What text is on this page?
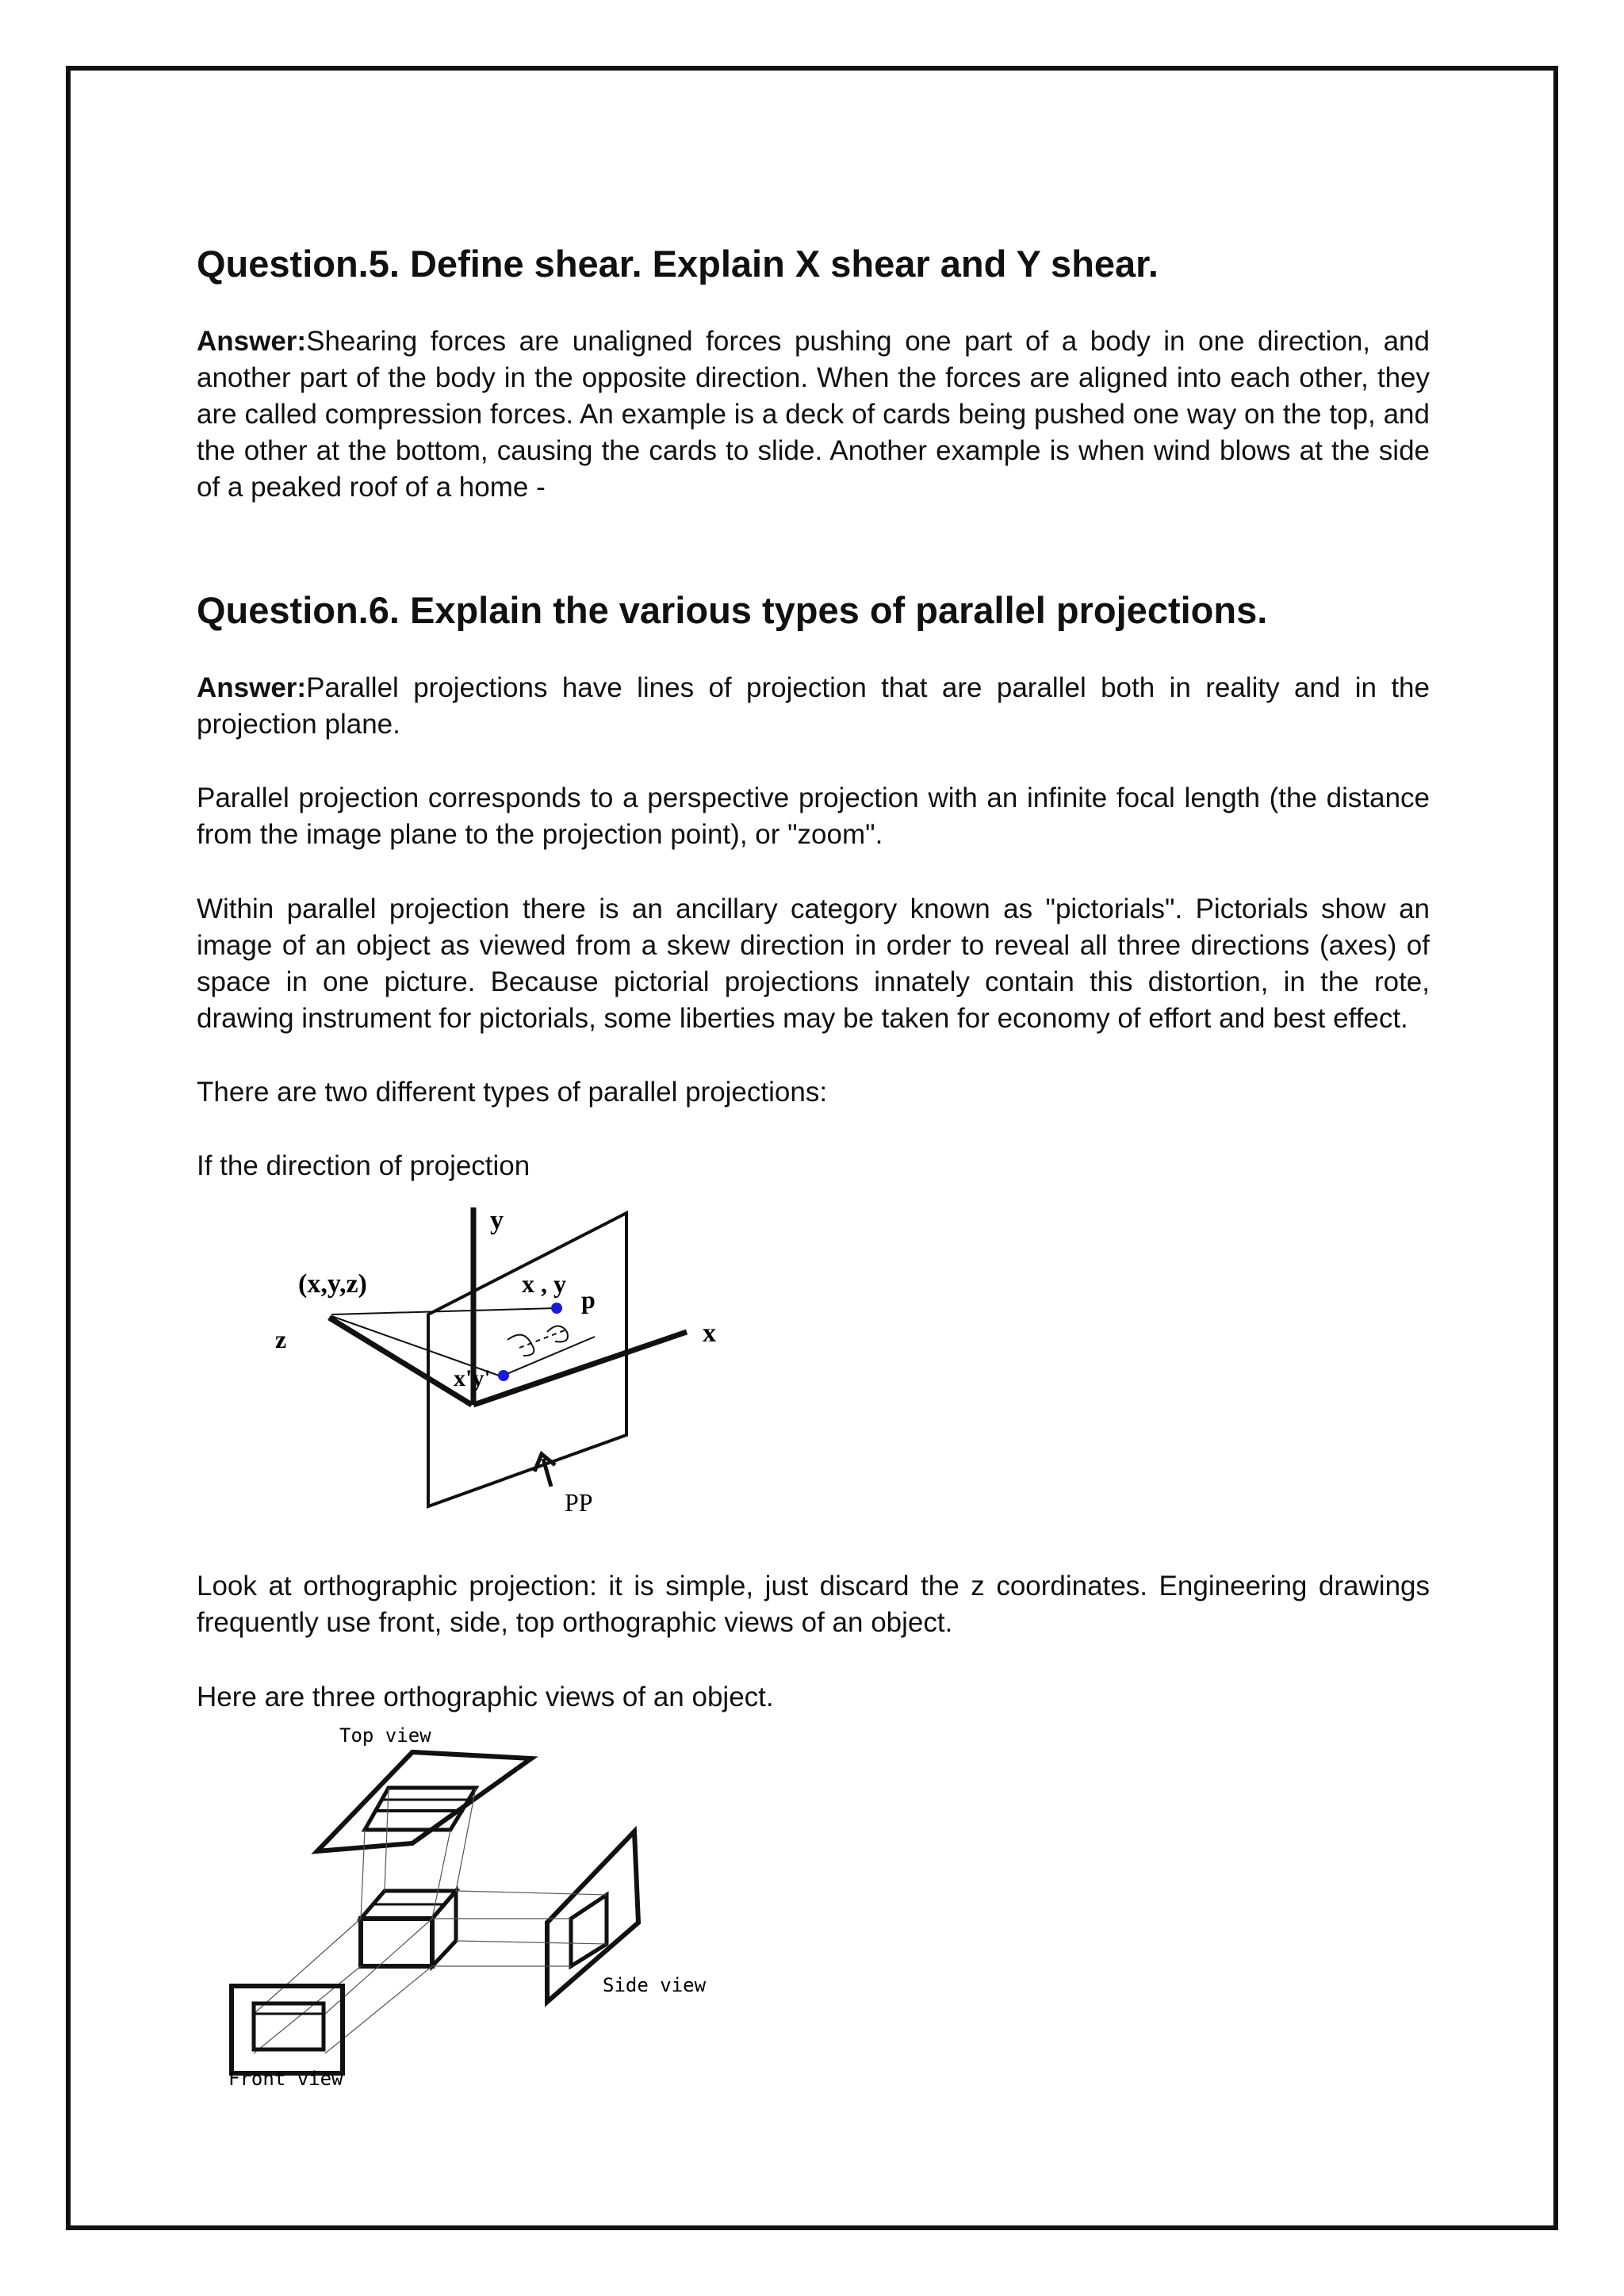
Question.5. Define shear. Explain X shear and Y shear.

Answer:Shearing forces are unaligned forces pushing one part of a body in one direction, and another part of the body in the opposite direction. When the forces are aligned into each other, they are called compression forces. An example is a deck of cards being pushed one way on the top, and the other at the bottom, causing the cards to slide. Another example is when wind blows at the side of a peaked roof of a home -

Question.6. Explain the various types of parallel projections.

Answer:Parallel projections have lines of projection that are parallel both in reality and in the projection plane.

Parallel projection corresponds to a perspective projection with an infinite focal length (the distance from the image plane to the projection point), or "zoom".

Within parallel projection there is an ancillary category known as "pictorials". Pictorials show an image of an object as viewed from a skew direction in order to reveal all three directions (axes) of space in one picture. Because pictorial projections innately contain this distortion, in the rote, drawing instrument for pictorials, some liberties may be taken for economy of effort and best effect.

There are two different types of parallel projections:

If the direction of projection

y
(x,y,z)
z	x
x , y
p
x'y'
PP

Look at orthographic projection: it is simple, just discard the z coordinates. Engineering drawings frequently use front, side, top orthographic views of an object.

Here are three orthographic views of an object.

Top view
Side view
Front view
